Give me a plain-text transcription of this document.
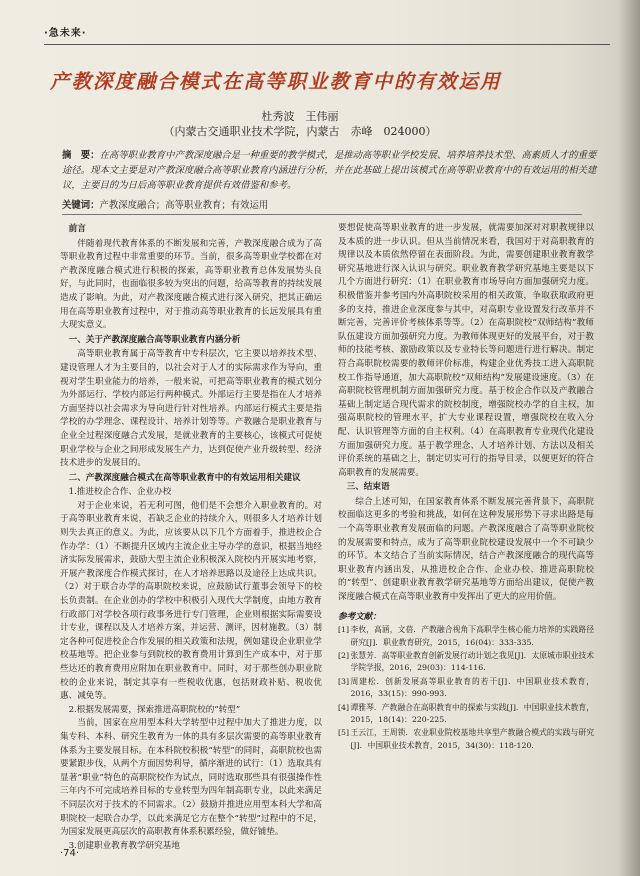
·急未来·
产教深度融合模式在高等职业教育中的有效运用
杜秀波　王伟丽
（内蒙古交通职业技术学院，内蒙古　赤峰　024000）
摘　要：在高等职业教育中产教深度融合是一种重要的教学模式，是推动高等职业学校发展、培养培养技术型、高素质人才的重要途径。现本文主要是对产教深度融合高等职业教育内涵进行分析，并在此基础上提出该模式在高等职业教育中的有效运用的相关建议，主要目的为日后高等职业教育提供有效借鉴和参考。
关键词：产教深度融合；高等职业教育；有效运用

前言

伴随着现代教育体系的不断发展和完善，产教深度融合成为了高等职业教育过程中非常重要的环节。当前，很多高等职业学校都在对产教深度融合模式进行积极的探索，高等职业教育总体发展势头良好，与此同时，也面临很多较为突出的问题，给高等教育的持续发展造成了影响。为此，对产教深度融合模式进行深入研究，把其正确运用在高等职业教育过程中，对于推动高等职业教育的长远发展具有重大现实意义。

一、关于产教深度融合高等职业教育内涵分析

高等职业教育属于高等教育中专科层次，它主要以培养技术型、建设管理人才为主要目的，以社会对于人才的实际需求作为导向，重视对学生职业能力的培养，一般来说，可把高等职业教育的模式划分为外部运行、学校内部运行两种模式。外部运行主要是指在人才培养方面坚持以社会需求为导向进行针对性培养。内部运行模式主要是指学校的办学理念、课程设计、培养计划等等。产教融合是职业教育与企业全过程深度融合式发展，是就业教育的主要核心，该模式可促使职业学校与企业之间形成发展生产力，达到促使产业升级转型、经济技术进步的发展目的。

二、产教深度融合模式在高等职业教育中的有效运用相关建议

1.推进校企合作、企业办校

对于企业来说，若无利可图，他们是不会想介入职业教育的。对于高等职业教育来说，若缺乏企业的持续介入，则很多人才培养计划则失去真正的意义。为此，应该要从以下几个方面着手，推进校企合作办学：（1）不断提升区域内主流企业主导办学的意识，根据当地经济实际发展需求，鼓励大型主流企业积极深入院校内开展实地考察，开展产教深度合作模式探讨，在人才培养思路以及途径上达成共识。（2）对于联合办学的高职院校来说，应鼓励试行董事会领导下的校长负责制。在企业创办的学校中积极引入现代大学制度，由地方教育行政部门对学校各项行政事务进行专门管理，企业则根据实际需要设计专业，课程以及人才培养方案，并运营、测评，因材施教。（3）制定各种可促进校企合作发展的相关政策和法规，例如建设企业职业学校基地等。把企业参与到院校的教育费用计算到生产成本中，对于那些达还的教育费用应附加在职业教育中。同时，对于那些创办职业院校的企业来说，制定其享有一些税收优惠，包括财政补贴、税收优惠、减免等。

2.根据发展需要，探索推进高职院校的“转型”

当前，国家在应用型本科大学转型中过程中加大了推进力度，以集专科、本科、研究生教育为一体的具有多层次需要的高等职业教育体系为主要发展目标。在本科院校积极“转型”的同时，高职院校也需要紧跟步伐，从两个方面因势利导，循序渐进的试行：（1）选取具有显著“职业”特色的高职院校作为试点，同时选取那些具有很强操作性三年内不可完成培养目标的专业转型为四年制高职专业，以此来满足不同层次对于技术的不同需求。（2）鼓励并推进应用型本科大学和高职院校一起联合办学，以此来满足它方在整个“转型”过程中的不足，为国家发展更高层次的高职教育体系积累经验，做好铺垫。

3.创建职业教育教学研究基地

要想促使高等职业教育的进一步发展，就需要加深对对职教规律以及本质的进一步认识。但从当前情况来看，我国对于对高职教育的规律以及本质依然停留在表面阶段。为此，需要创建职业教育教学研究基地进行深入认识与研究。职业教育教学研究基地主要是以下几个方面进行研究：（1）在职业教育市场导向方面加强研究力度。积极借鉴并参考国内外高职院校采用的相关政策，争取获取政府更多的支持，推进企业深度参与其中，对高职专业设置发行改革并不断完善，完善评价考核体系等等。（2）在高职院校“双师结构”教师队伍建设方面加强研究力度。为教师体现更好的发展平台，对于教师的技能考核、激励政策以及专业特长等问题进行进行解决。制定符合高职院校需要的教师评价标准，构建企业优秀技工进入高职院校工作指导通道，加大高职院校“双师结构”发展建设速度。（3）在高职院校管理机制方面加强研究力度。基于校企合作以及产教融合基础上制定适合现代需求的院校制度，增强院校办学的自主权，加强高职院校的管理水平，扩大专业课程设置，增强院校在收入分配、认识管理等方面的自主权利。（4）在高职教育专业现代化建设方面加强研究力度。基于教学理念、人才培养计划、方法以及相关评价系统的基础之上，制定切实可行的指导目录，以便更好的符合高职教育的发展需要。

三、结束语

综合上述可知，在国家教育体系不断发展完善背景下，高职院校面临这更多的考验和挑战，如何在这种发展形势下寻求出路是每一个高等职业教育发展面临的问题。产教深度融合了高等职业院校的发展需要和特点，成为了高等职业院校建设发展中一个不可缺少的环节。本文结合了当前实际情况，结合产教深度融合的现代高等职业教育内涵出发，从推进校企合作、企业办校、推进高职院校的“转型”、创建职业教育教学研究基地等方面给出建议，促使产教深度融合模式在高等职业教育中发挥出了更大的应用价值。

参考文献：

[1] 李枚，高涵，文蓓．产教融合视角下高职学生核心能力培养的实践路径研究[J]．职业教育研究，2015，16(04)：333-335．

[2] 张慧芳．高等职业教育创新发展行动计划之我见[J]．太原城市职业技术学院学报，2016，29(03)：114-116．

[3] 周建松．创新发展高等职业教育的若干[J]．中国职业技术教育，2016，33(15)：990-993．

[4] 谭雅琴．产教融合在高职教育中的探索与实践[J]．中国职业技术教育，2015，18(14)：220-225．

[5] 王云江，王周锁．农业职业院校基地共享型产教融合模式的实践与研究[J]．中国职业技术教育，2015，34(30)：118-120．

·74·
